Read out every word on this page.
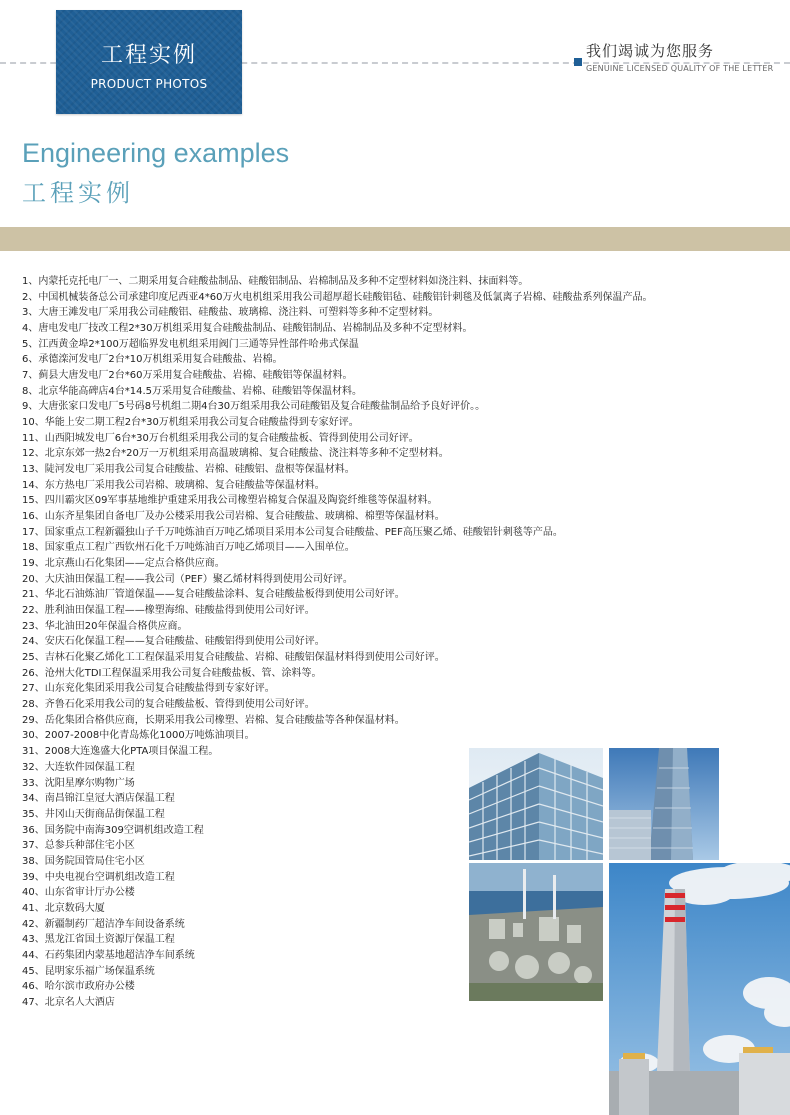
工程实例
PRODUCT PHOTOS
我们竭诚为您服务
GENUINE LICENSED QUALITY OF THE LETTER
Engineering examples
工程实例
1、内蒙托克托电厂一、二期采用复合硅酸盐制品、硅酸铝制品、岩棉制品及多种不定型材料如浇注料、抹面料等。
2、中国机械装备总公司承建印度尼西亚4*60万火电机组采用我公司超厚超长硅酸铝毡、硅酸铝针刺毯及低氯离子岩棉、硅酸盐系列保温产品。
3、大唐王滩发电厂采用我公司硅酸铝、硅酸盐、玻璃棉、浇注料、可塑料等多种不定型材料。
4、唐电发电厂技改工程2*30万机组采用复合硅酸盐制品、硅酸铝制品、岩棉制品及多种不定型材料。
5、江西黄金埠2*100万超临界发电机组采用阀门三通等异性部件哈弗式保温
6、承德滦河发电厂2台*10万机组采用复合硅酸盐、岩棉。
7、蓟县大唐发电厂2台*60万采用复合硅酸盐、岩棉、硅酸铝等保温材料。
8、北京华能高碑店4台*14.5万采用复合硅酸盐、岩棉、硅酸铝等保温材料。
9、大唐张家口发电厂5号码8号机组二期4台30万组采用我公司硅酸铝及复合硅酸盐制品给予良好评价。。
10、华能上安二期工程2台*30万机组采用我公司复合硅酸盐得到专家好评。
11、山西阳城发电厂6台*30万台机组采用我公司的复合硅酸盐板、管得到使用公司好评。
12、北京东郊一热2台*20万一万机组采用高温玻璃棉、复合硅酸盐、浇注料等多种不定型材料。
13、陡河发电厂采用我公司复合硅酸盐、岩棉、硅酸铝、盘根等保温材料。
14、东方热电厂采用我公司岩棉、玻璃棉、复合硅酸盐等保温材料。
15、四川霸灾区09军事基地维护重建采用我公司橡塑岩棉复合保温及陶瓷纤维毯等保温材料。
16、山东齐星集团自备电厂及办公楼采用我公司岩棉、复合硅酸盐、玻璃棉、棉塑等保温材料。
17、国家重点工程新疆独山子千万吨炼油百万吨乙烯项目采用本公司复合硅酸盐、PEF高压聚乙烯、硅酸铝针刺毯等产品。
18、国家重点工程广西钦州石化千万吨炼油百万吨乙烯项目——入围单位。
19、北京燕山石化集团——定点合格供应商。
20、大庆油田保温工程——我公司（PEF）聚乙烯材料得到使用公司好评。
21、华北石油炼油厂管道保温——复合硅酸盐涂料、复合硅酸盐板得到使用公司好评。
22、胜利油田保温工程——橡塑海绵、硅酸盐得到使用公司好评。
23、华北油田20年保温合格供应商。
24、安庆石化保温工程——复合硅酸盐、硅酸铝得到使用公司好评。
25、吉林石化聚乙烯化工工程保温采用复合硅酸盐、岩棉、硅酸铝保温材料得到使用公司好评。
26、沧州大化TDI工程保温采用我公司复合硅酸盐板、管、涂料等。
27、山东兖化集团采用我公司复合硅酸盐得到专家好评。
28、齐鲁石化采用我公司的复合硅酸盐板、管得到使用公司好评。
29、岳化集团合格供应商，长期采用我公司橡塑、岩棉、复合硅酸盐等各种保温材料。
30、2007-2008中化青岛炼化1000万吨炼油项目。
31、2008大连逸盛大化PTA项目保温工程。
32、大连软件园保温工程
33、沈阳星摩尔购物广场
34、南昌锦江皇冠大酒店保温工程
35、井冈山天街商品街保温工程
36、国务院中南海309空调机组改造工程
37、总参兵种部住宅小区
38、国务院国管局住宅小区
39、中央电视台空调机组改造工程
40、山东省审计厅办公楼
41、北京数码大厦
42、新疆制药厂超洁净车间设备系统
43、黑龙江省国土资源厅保温工程
44、石药集团内蒙基地超洁净车间系统
45、昆明家乐福广场保温系统
46、哈尔滨市政府办公楼
47、北京名人大酒店
